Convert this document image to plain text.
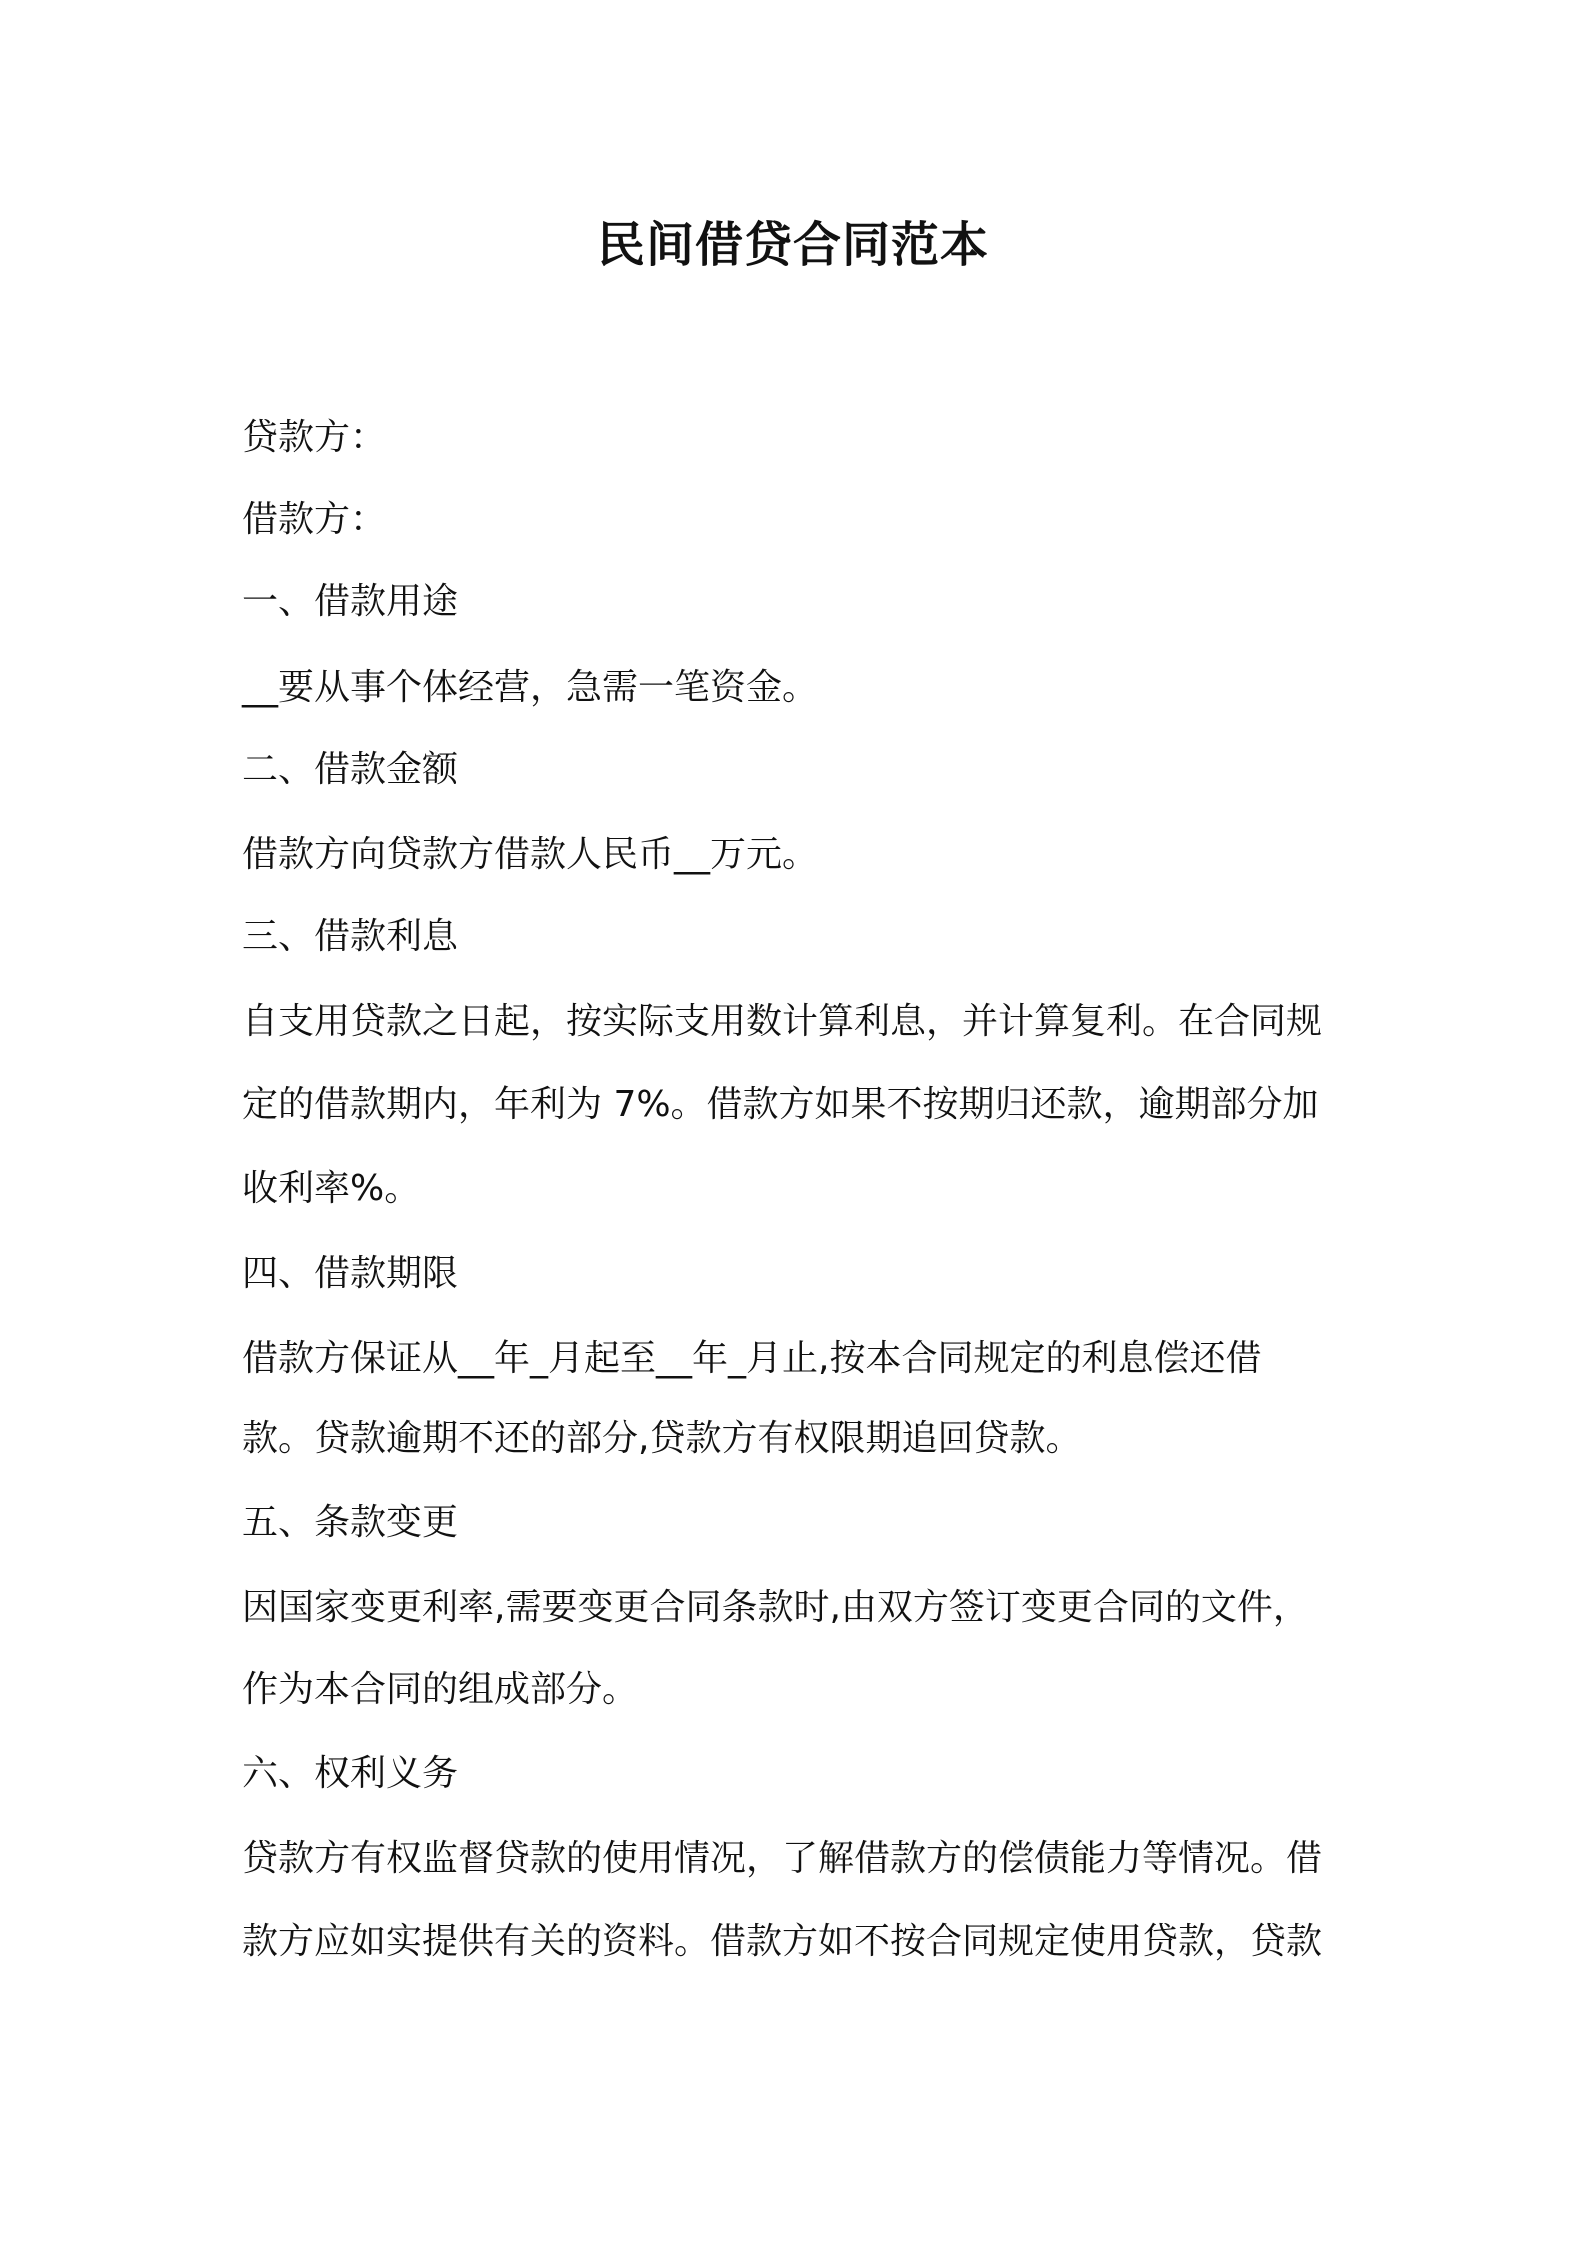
民间借贷合同范本
贷款方：
借款方：
一、借款用途
__要从事个体经营，急需一笔资金。
二、借款金额
借款方向贷款方借款人民币__万元。
三、借款利息
自支用贷款之日起，按实际支用数计算利息，并计算复利。在合同规
定的借款期内，年利为 7%。借款方如果不按期归还款，逾期部分加
收利率%。
四、借款期限
借款方保证从__年_月起至__年_月止,按本合同规定的利息偿还借
款。贷款逾期不还的部分,贷款方有权限期追回贷款。
五、条款变更
因国家变更利率,需要变更合同条款时,由双方签订变更合同的文件，
作为本合同的组成部分。
六、权利义务
贷款方有权监督贷款的使用情况，了解借款方的偿债能力等情况。借
款方应如实提供有关的资料。借款方如不按合同规定使用贷款，贷款
